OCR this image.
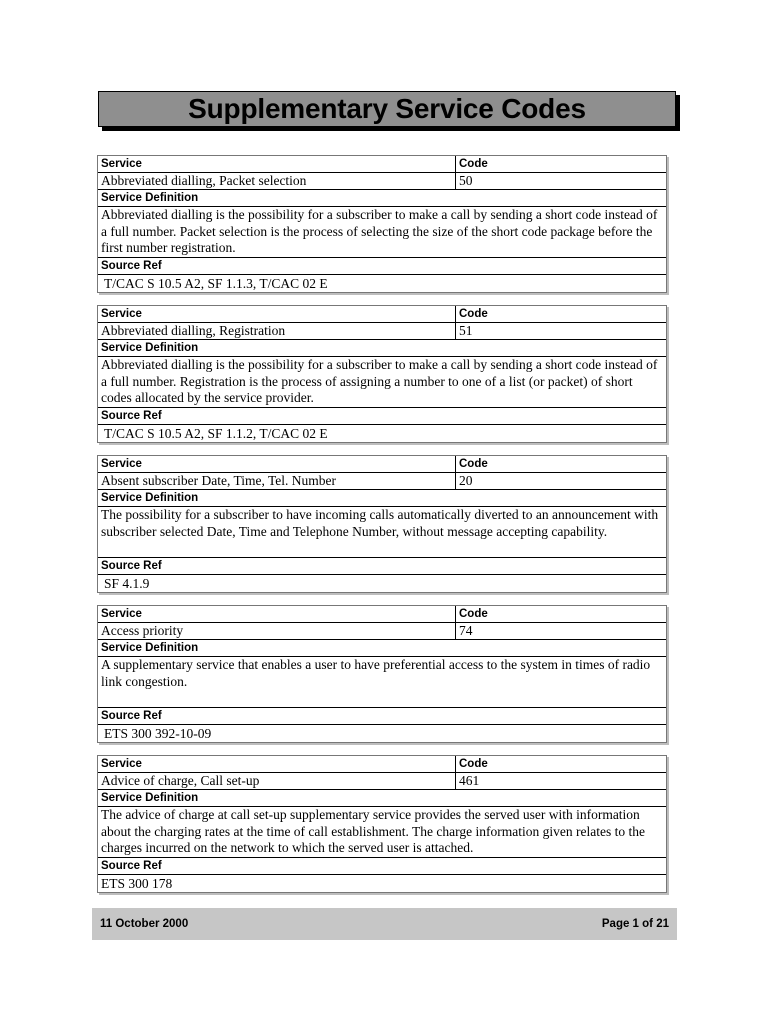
Supplementary Service Codes
Service	Code
Abbreviated dialling, Packet selection	50
Service Definition
Abbreviated dialling is the possibility for a subscriber to make a call by sending a short code instead of a full number. Packet selection is the process of selecting the size of the short code package before the first number registration.
Source Ref
T/CAC S 10.5 A2, SF 1.1.3, T/CAC 02 E
Service	Code
Abbreviated dialling, Registration	51
Service Definition
Abbreviated dialling is the possibility for a subscriber to make a call by sending a short code instead of a full number. Registration is the process of assigning a number to one of a list (or packet) of short codes allocated by the service provider.
Source Ref
T/CAC S 10.5 A2, SF 1.1.2, T/CAC 02 E
Service	Code
Absent subscriber Date, Time, Tel. Number	20
Service Definition
The possibility for a subscriber to have incoming calls automatically diverted to an announcement with subscriber selected Date, Time and Telephone Number, without message accepting capability.
Source Ref
SF 4.1.9
Service	Code
Access priority	74
Service Definition
A supplementary service that enables a user to have preferential access to the system in times of radio link congestion.
Source Ref
ETS 300 392-10-09
Service	Code
Advice of charge, Call set-up	461
Service Definition
The advice of charge at call set-up supplementary service provides the served user with information about the charging rates at the time of call establishment. The charge information given relates to the charges incurred on the network to which the served user is attached.
Source Ref
ETS 300 178
11 October 2000	Page 1 of 21
